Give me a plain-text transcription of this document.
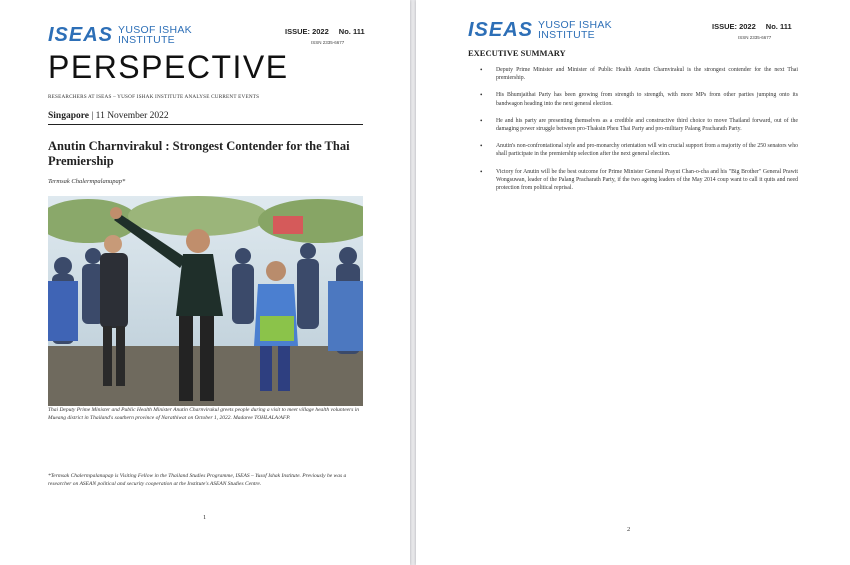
ISEAS YUSOF ISHAK
INSTITUTE
ISSUE: 2022 No. 111
ISSN 2335-6677
PERSPECTIVE
RESEARCHERS AT ISEAS – YUSOF ISHAK INSTITUTE ANALYSE CURRENT EVENTS
Singapore | 11 November 2022
Anutin Charnvirakul : Strongest Contender for the Thai Premiership
Termsak Chalermpalanupap*
Thai Deputy Prime Minister and Public Health Minister Anutin Charnvirakul greets people during a visit to meet village health volunteers in Mueang district in Thailand's southern province of Narathiwat on October 1, 2022. Madaree TOHLALA/AFP.
*Termsak Chalermpalanupap is Visiting Fellow in the Thailand Studies Programme, ISEAS – Yusof Ishak Institute. Previously he was a researcher on ASEAN political and security cooperation at the Institute's ASEAN Studies Centre.
1
ISEAS YUSOF ISHAK
INSTITUTE
ISSUE: 2022 No. 111
ISSN 2335-6677
EXECUTIVE SUMMARY
• Deputy Prime Minister and Minister of Public Health Anutin Charnvirakul is the strongest contender for the next Thai premiership.
• His Bhumjaithai Party has been growing from strength to strength, with more MPs from other parties jumping onto its bandwagon heading into the next general election.
• He and his party are presenting themselves as a credible and constructive third choice to move Thailand forward, out of the damaging power struggle between pro-Thaksin Pheu Thai Party and pro-military Palang Pracharath Party.
• Anutin's non-confrontational style and pro-monarchy orientation will win crucial support from a majority of the 250 senators who shall participate in the premiership selection after the next general election.
• Victory for Anutin will be the best outcome for Prime Minister General Prayut Chan-o-cha and his "Big Brother" General Prawit Wongsuwan, leader of the Palang Pracharath Party, if the two ageing leaders of the May 2014 coup want to call it quits and need protection from political reprisal.
2
